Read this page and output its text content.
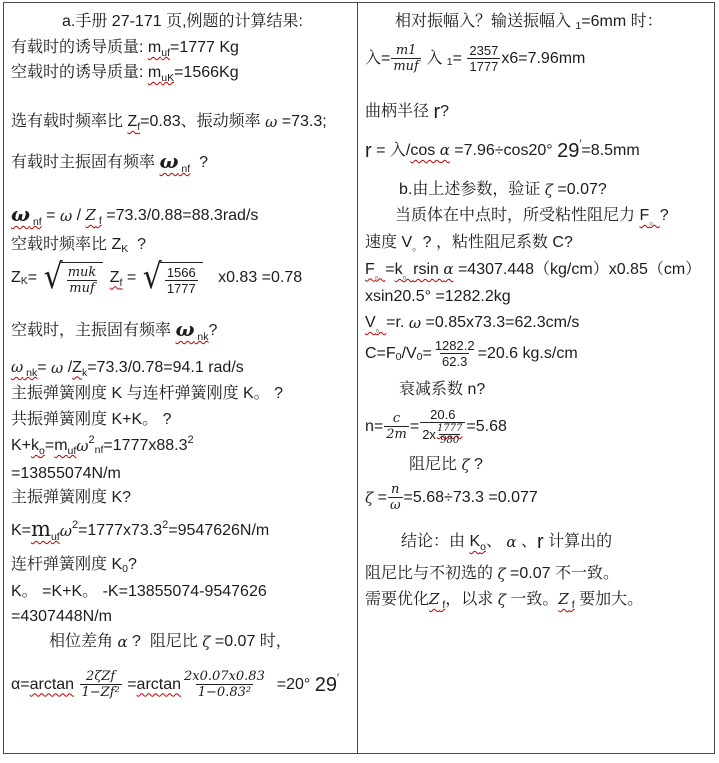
a.手册 27-171 页,例题的计算结果:
有载时的诱导质量: $m_{uf} =1777$ Kg
空载时的诱导质量: $m_{uK} =1566Kg$
选有载时频率比 $Z_f =0.83$、振动频率 ω =73.3;
有载时主振固有频率 ω $_{nf}$ ?
ω $_{nf}$ = ω / Z $_f$ =73.3/0.88=88.3rad/s
空载时频率比 Z K ?
Z K = √ $\frac{\text{muk}}{\text{muf}}$
$Z_f$ = √ $\frac{1566}{1777} x0.83 =0.78$
空载时，主振固有频率 ω $_{nk}$ ?
ω $_{nk} = \omega / Z_k =73.3/0.78=94.1$ rad/s
主振弹簧刚度 K 与连杆弹簧刚度 K。 ?
共振弹簧刚度 K+K。 ?
$K+ k_o = m_{uf}$ ω 2
nf =1777x88.3 2
=13855074N/m
主振弹簧刚度 K?
$K= m_{uf}$ ω 2 =1777x73.3 2 =9547626N/m
连杆弹簧刚度 K 0 ?
K。 =K+K。 -K=13855074-9547626
=4307448N/m
相位差角 α ?  阻尼比 ζ =0.07 时，
α= arctan
$\frac{\text{2ζZf}}{\text{1−Zf²}} = \arctan \frac{2x0.07x0.83}{\text{1−0.83²}} =20^\circ$ 29 ′
相对振幅入？输送振幅入 1 =6mm 时：
入= $\frac{m1}{\text{muf}}$ 入 $1 = \frac{2357}{1777} x6=7.96mm$
曲柄半径 r ?
r = 入/ cos α =7.96÷cos20° 29 ′ =8.5mm
b.由上述参数，验证 ζ =0.07?
当质体在中点时，所受粘性阻尼力 $F_。$ ?
速度 V 。 ? ，粘性阻尼系数 C?
$F_。 = k_。rsin$ α =4307.448（kg/cm）x0.85（cm）
xsin20.5° =1282.2kg
$V_。 =r$. ω =0.85x73.3=62.3cm/s
C=F 0 /V $0 = \frac{1282.2}{62.3} =20.6$ kg.s/cm
衰减系数 n?
$n= \frac{c}{2m} = \frac{20.6}{2x \frac{1777}{980}} =5.68$
阻尼比 ζ ?
$\zeta = \frac{n}{\omega} =5.68\div 73.3 =0.077$
结论：由 $K_o$ 、 α 、 r 计算出的
阻尼比与不初选的 ζ =0.07 不一致。
需要优化 Z $_f$ ，以求 ζ 一致。 Z $_f$ 要加大。
